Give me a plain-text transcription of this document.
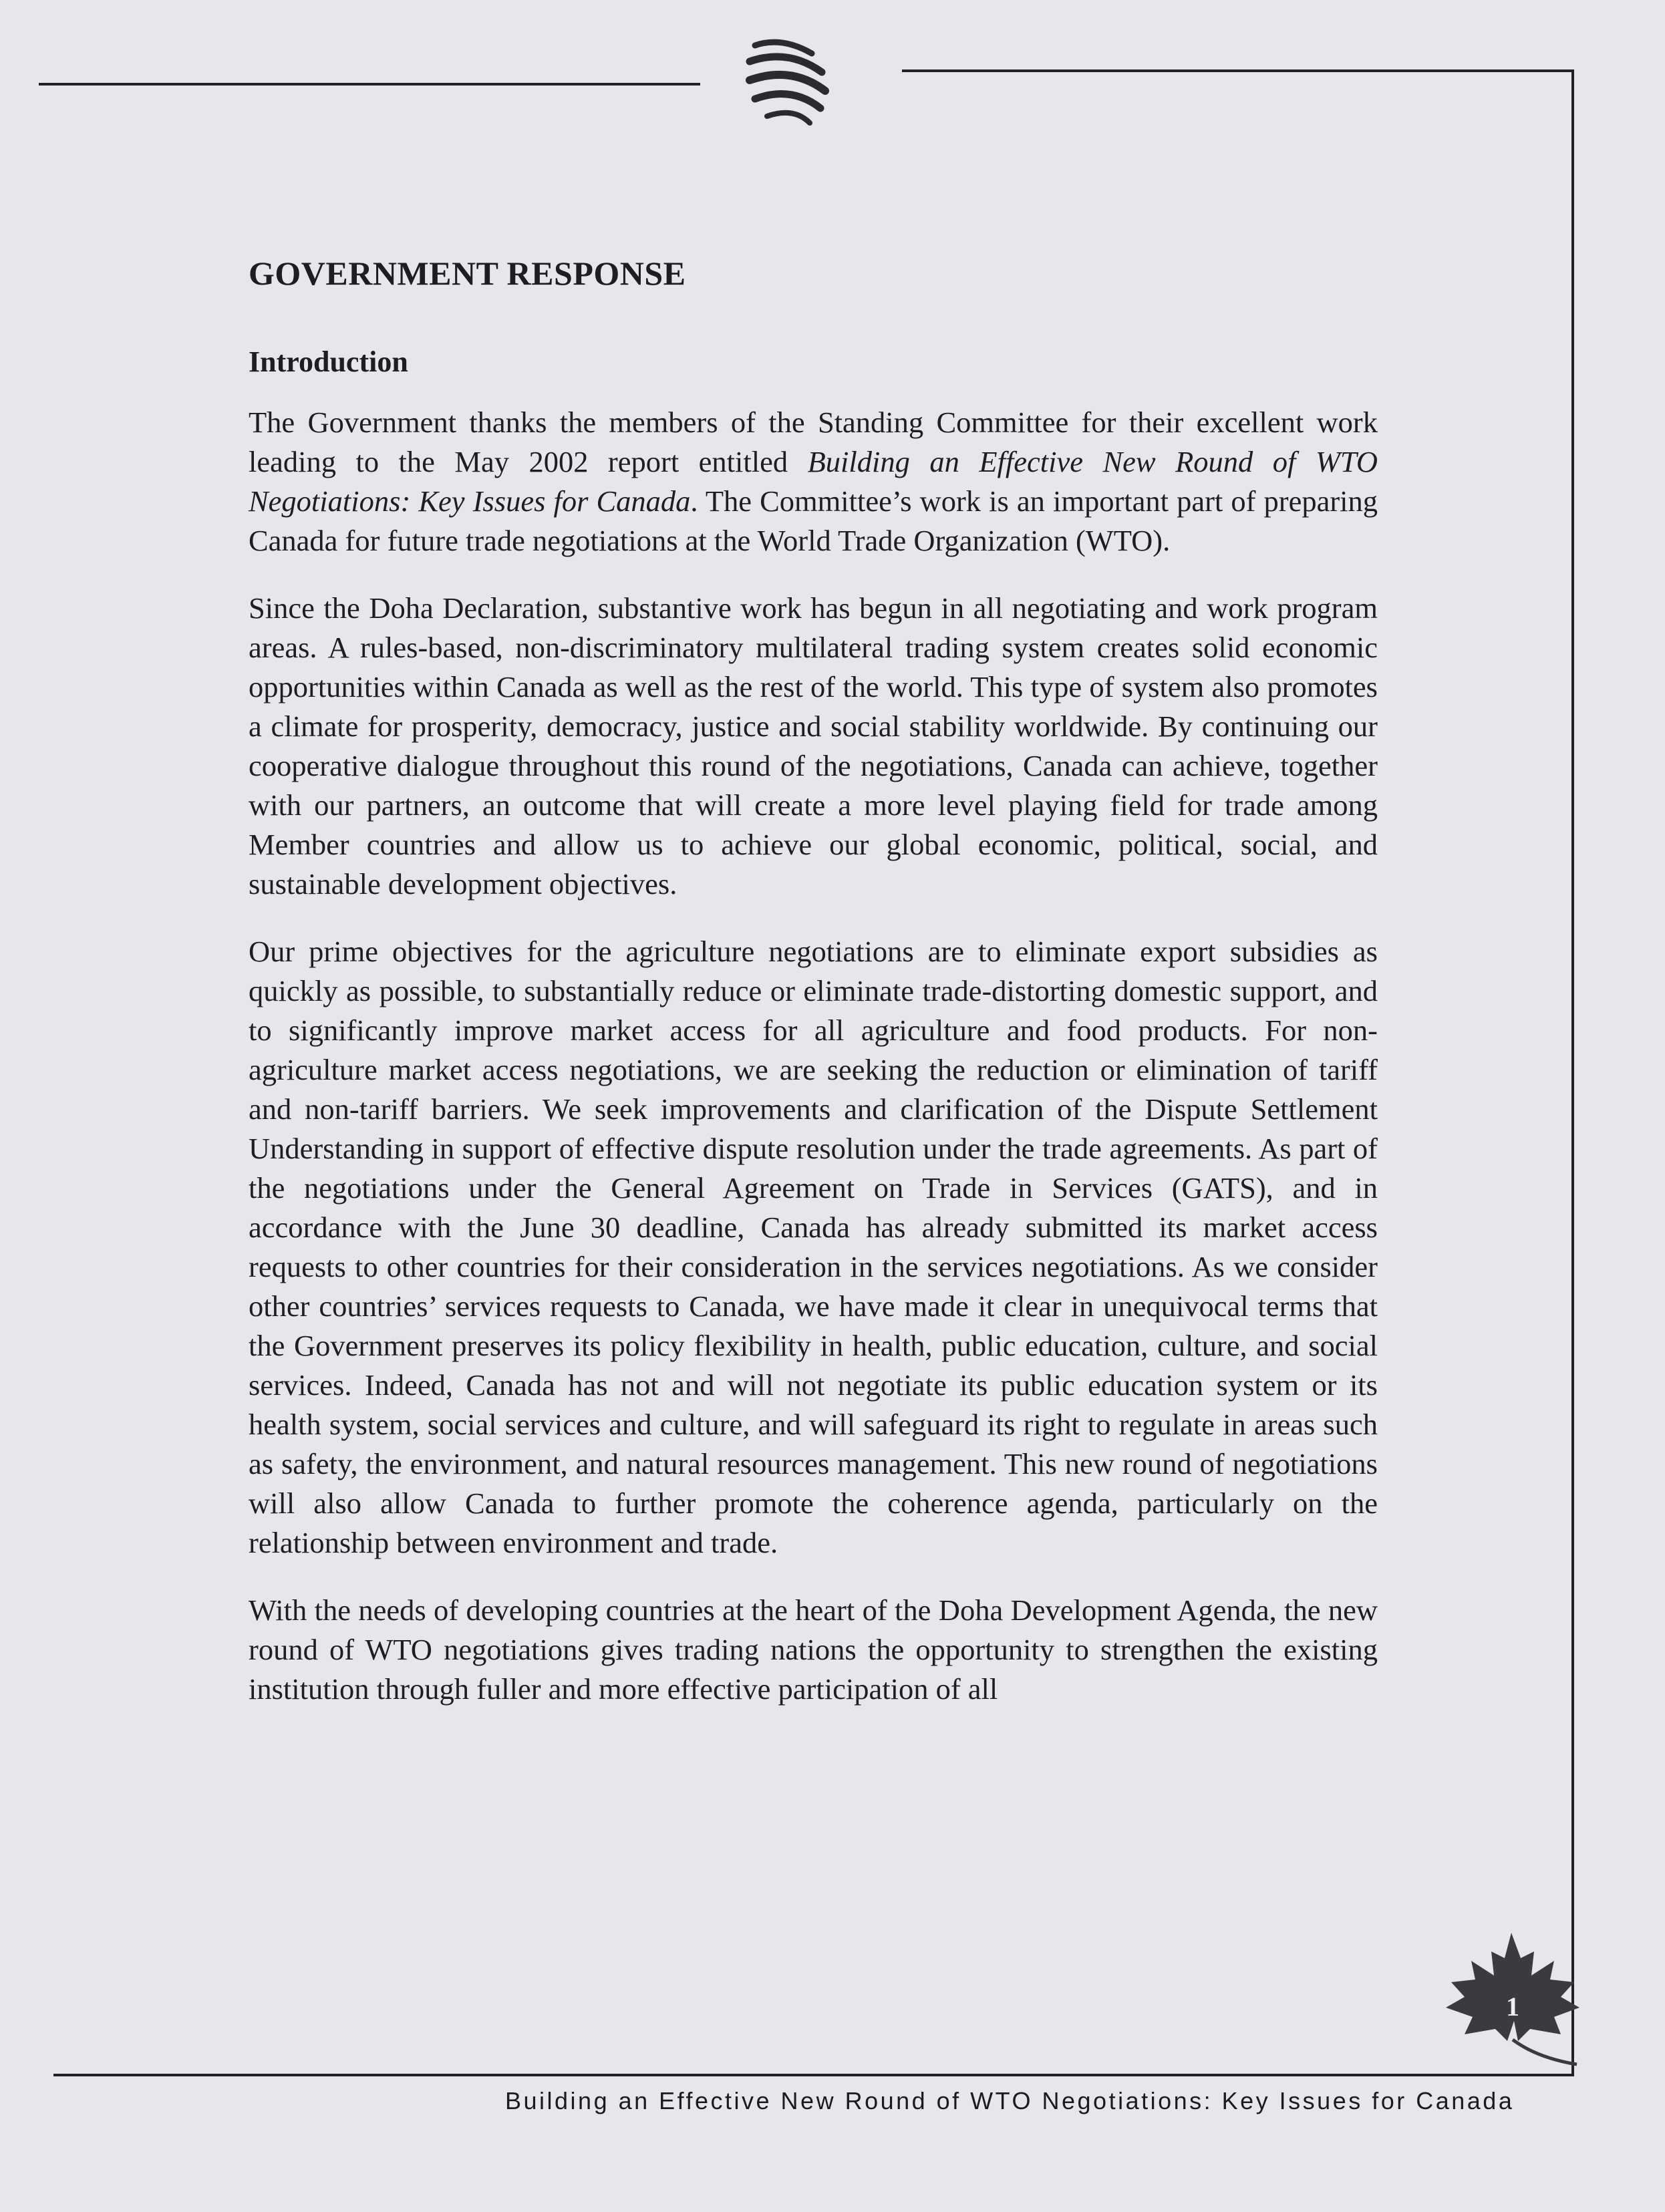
GOVERNMENT RESPONSE
Introduction

The Government thanks the members of the Standing Committee for their excellent work leading to the May 2002 report entitled Building an Effective New Round of WTO Negotiations: Key Issues for Canada. The Committee’s work is an important part of preparing Canada for future trade negotiations at the World Trade Organization (WTO).

Since the Doha Declaration, substantive work has begun in all negotiating and work program areas. A rules-based, non-discriminatory multilateral trading system creates solid economic opportunities within Canada as well as the rest of the world. This type of system also promotes a climate for prosperity, democracy, justice and social stability worldwide. By continuing our cooperative dialogue throughout this round of the negotiations, Canada can achieve, together with our partners, an outcome that will create a more level playing field for trade among Member countries and allow us to achieve our global economic, political, social, and sustainable development objectives.

Our prime objectives for the agriculture negotiations are to eliminate export subsidies as quickly as possible, to substantially reduce or eliminate trade-distorting domestic support, and to significantly improve market access for all agriculture and food products. For non-agriculture market access negotiations, we are seeking the reduction or elimination of tariff and non-tariff barriers. We seek improvements and clarification of the Dispute Settlement Understanding in support of effective dispute resolution under the trade agreements. As part of the negotiations under the General Agreement on Trade in Services (GATS), and in accordance with the June 30 deadline, Canada has already submitted its market access requests to other countries for their consideration in the services negotiations. As we consider other countries’ services requests to Canada, we have made it clear in unequivocal terms that the Government preserves its policy flexibility in health, public education, culture, and social services. Indeed, Canada has not and will not negotiate its public education system or its health system, social services and culture, and will safeguard its right to regulate in areas such as safety, the environment, and natural resources management. This new round of negotiations will also allow Canada to further promote the coherence agenda, particularly on the relationship between environment and trade.

With the needs of developing countries at the heart of the Doha Development Agenda, the new round of WTO negotiations gives trading nations the opportunity to strengthen the existing institution through fuller and more effective participation of all

1
Building an Effective New Round of WTO Negotiations: Key Issues for Canada
